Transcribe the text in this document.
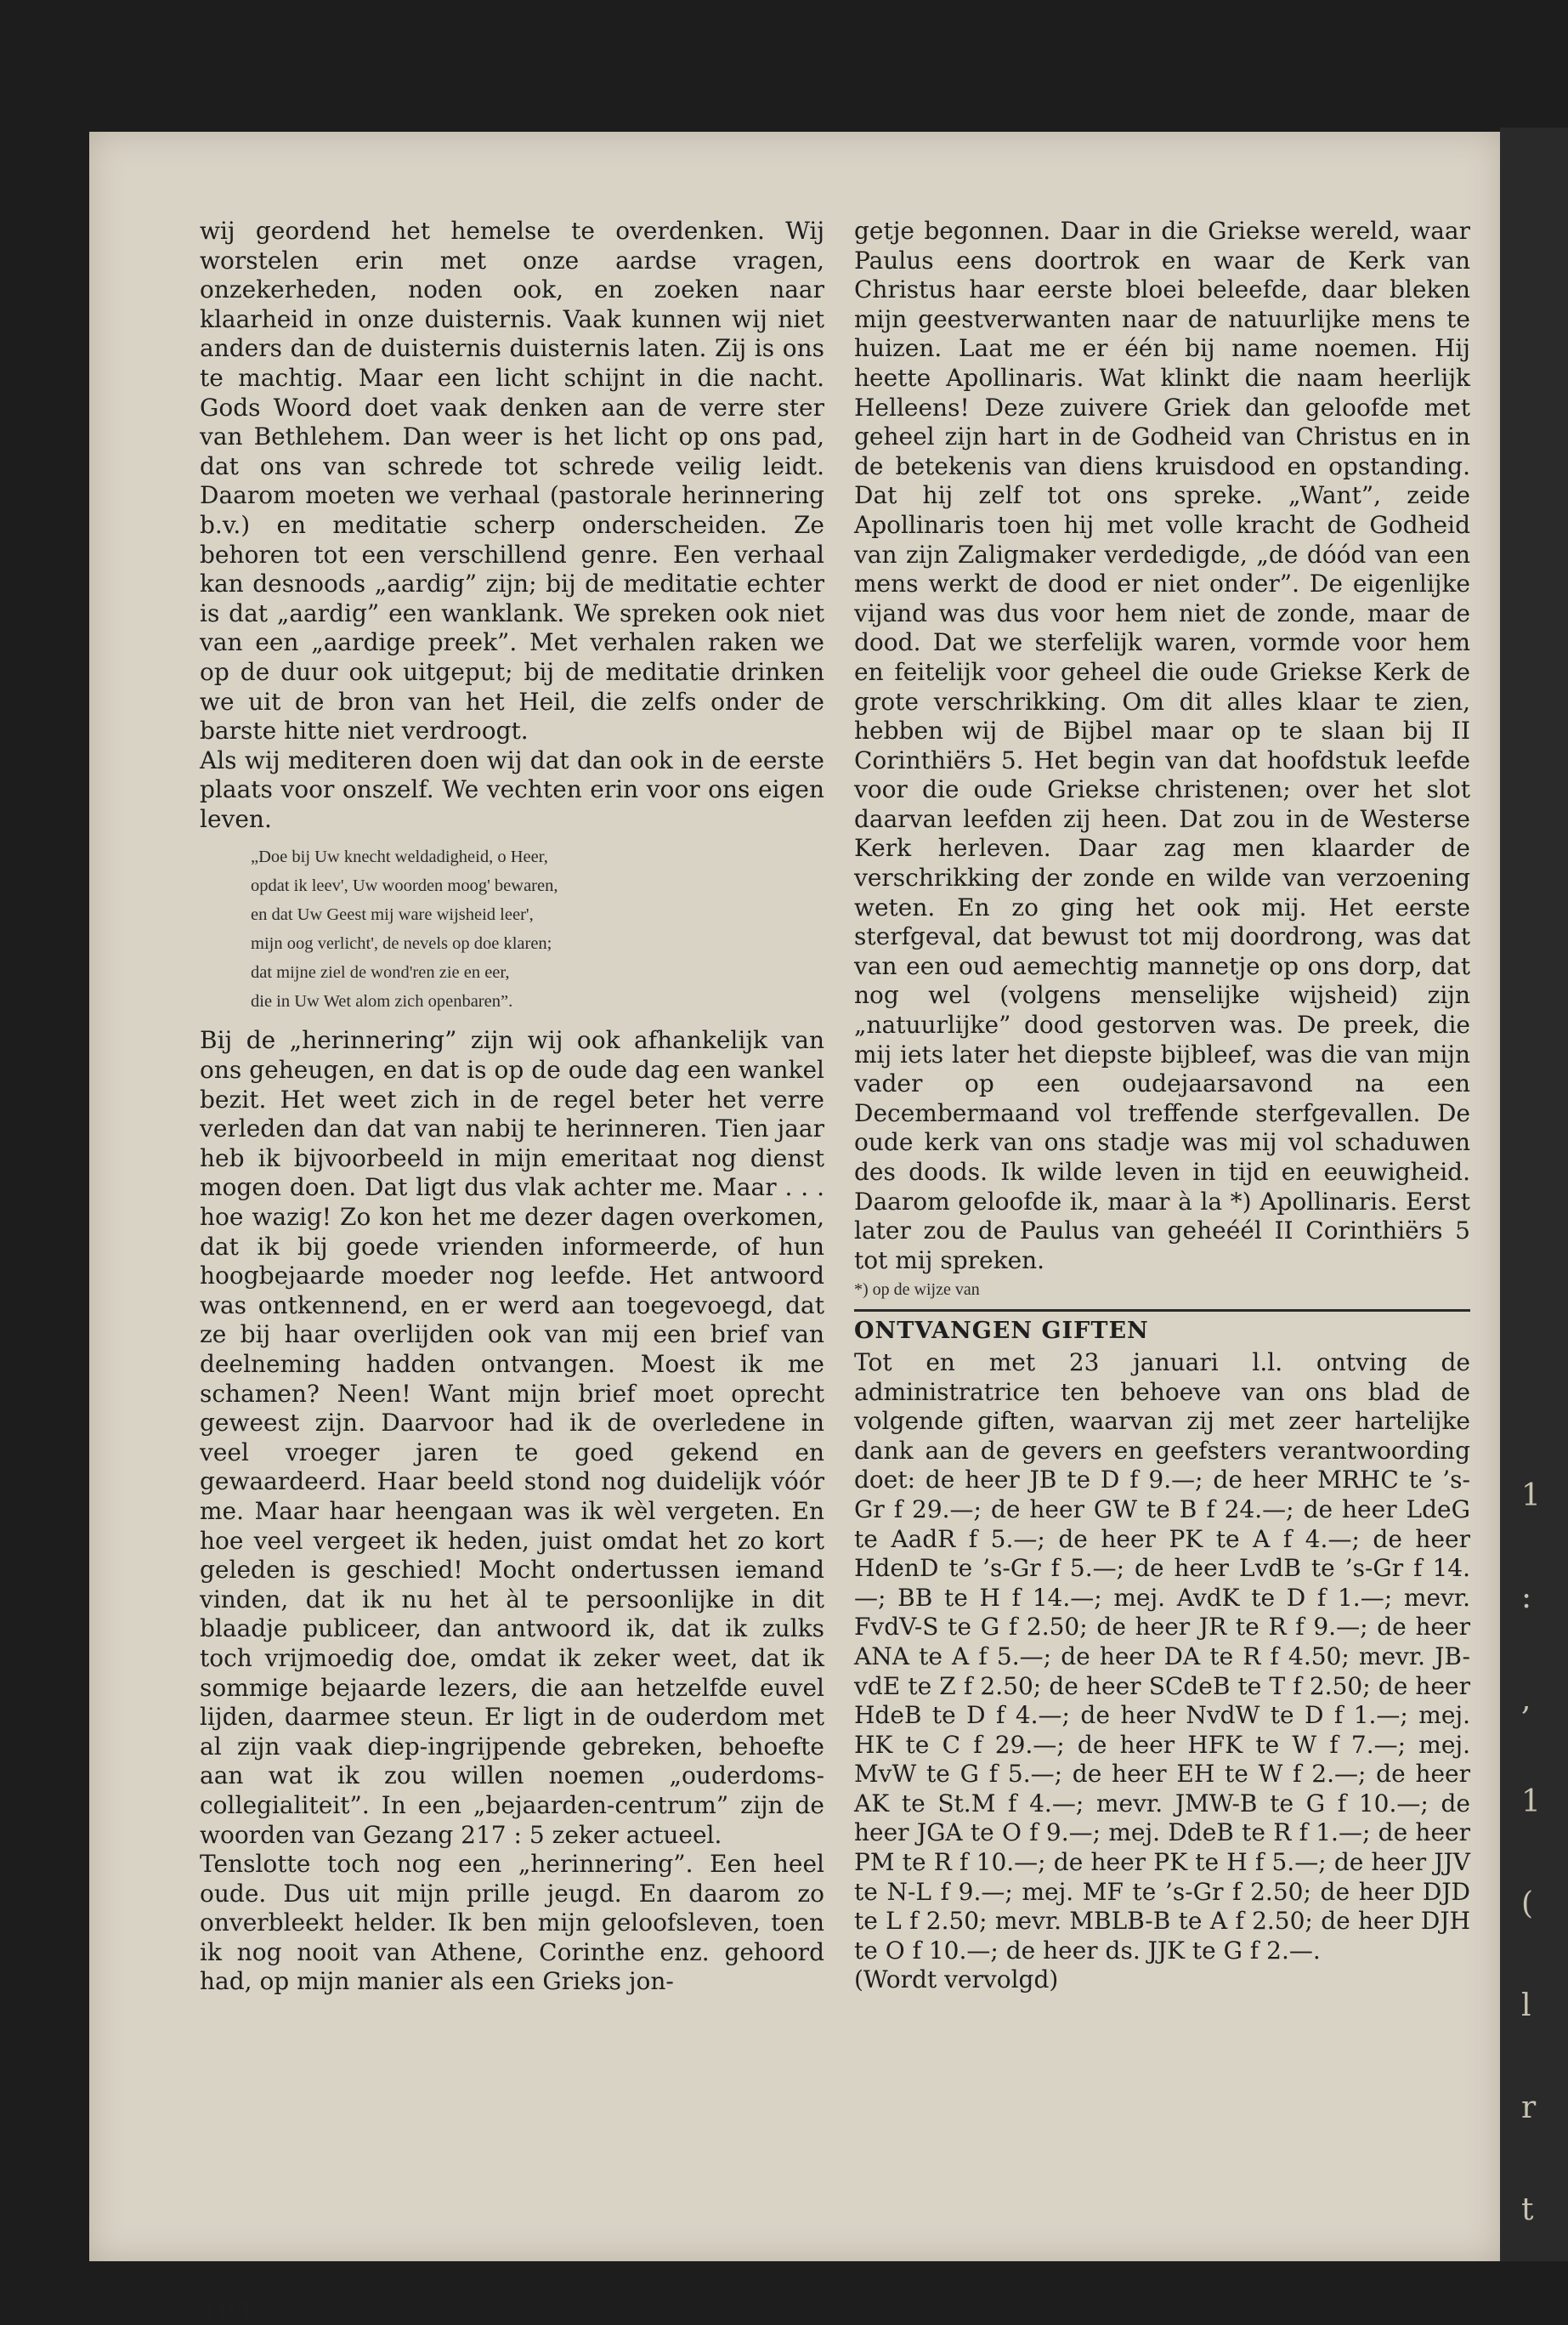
wij geordend het hemelse te overdenken. Wij worstelen erin met onze aardse vragen, onzekerheden, noden ook, en zoeken naar klaarheid in onze duisternis. Vaak kunnen wij niet anders dan de duisternis duisternis laten. Zij is ons te machtig. Maar een licht schijnt in die nacht. Gods Woord doet vaak denken aan de verre ster van Bethlehem. Dan weer is het licht op ons pad, dat ons van schrede tot schrede veilig leidt. Daarom moeten we verhaal (pastorale herinnering b.v.) en meditatie scherp onderscheiden. Ze behoren tot een verschillend genre. Een verhaal kan desnoods „aardig” zijn; bij de meditatie echter is dat „aardig” een wanklank. We spreken ook niet van een „aardige preek”. Met verhalen raken we op de duur ook uitgeput; bij de meditatie drinken we uit de bron van het Heil, die zelfs onder de barste hitte niet verdroogt.

Als wij mediteren doen wij dat dan ook in de eerste plaats voor onszelf. We vechten erin voor ons eigen leven.

„Doe bij Uw knecht weldadigheid, o Heer,
opdat ik leev', Uw woorden moog' bewaren,
en dat Uw Geest mij ware wijsheid leer',
mijn oog verlicht', de nevels op doe klaren;
dat mijne ziel de wond'ren zie en eer,
die in Uw Wet alom zich openbaren”.

Bij de „herinnering” zijn wij ook afhankelijk van ons geheugen, en dat is op de oude dag een wankel bezit. Het weet zich in de regel beter het verre verleden dan dat van nabij te herinneren. Tien jaar heb ik bijvoorbeeld in mijn emeritaat nog dienst mogen doen. Dat ligt dus vlak achter me. Maar . . . hoe wazig! Zo kon het me dezer dagen overkomen, dat ik bij goede vrienden informeerde, of hun hoogbejaarde moeder nog leefde. Het antwoord was ontkennend, en er werd aan toegevoegd, dat ze bij haar overlijden ook van mij een brief van deelneming hadden ontvangen. Moest ik me schamen? Neen! Want mijn brief moet oprecht geweest zijn. Daarvoor had ik de overledene in veel vroeger jaren te goed gekend en gewaardeerd. Haar beeld stond nog duidelijk vóór me. Maar haar heengaan was ik wèl vergeten. En hoe veel vergeet ik heden, juist omdat het zo kort geleden is geschied! Mocht ondertussen iemand vinden, dat ik nu het àl te persoonlijke in dit blaadje publiceer, dan antwoord ik, dat ik zulks toch vrijmoedig doe, omdat ik zeker weet, dat ik sommige bejaarde lezers, die aan hetzelfde euvel lijden, daarmee steun. Er ligt in de ouderdom met al zijn vaak diep-ingrijpende gebreken, behoefte aan wat ik zou willen noemen „ouderdoms-collegialiteit”. In een „bejaarden-centrum” zijn de woorden van Gezang 217 : 5 zeker actueel.

Tenslotte toch nog een „herinnering”. Een heel oude. Dus uit mijn prille jeugd. En daarom zo onverbleekt helder. Ik ben mijn geloofsleven, toen ik nog nooit van Athene, Corinthe enz. gehoord had, op mijn manier als een Grieks jon-

getje begonnen. Daar in die Griekse wereld, waar Paulus eens doortrok en waar de Kerk van Christus haar eerste bloei beleefde, daar bleken mijn geestverwanten naar de natuurlijke mens te huizen. Laat me er één bij name noemen. Hij heette Apollinaris. Wat klinkt die naam heerlijk Helleens! Deze zuivere Griek dan geloofde met geheel zijn hart in de Godheid van Christus en in de betekenis van diens kruisdood en opstanding. Dat hij zelf tot ons spreke. „Want”, zeide Apollinaris toen hij met volle kracht de Godheid van zijn Zaligmaker verdedigde, „de dóód van een mens werkt de dood er niet onder”. De eigenlijke vijand was dus voor hem niet de zonde, maar de dood. Dat we sterfelijk waren, vormde voor hem en feitelijk voor geheel die oude Griekse Kerk de grote verschrikking. Om dit alles klaar te zien, hebben wij de Bijbel maar op te slaan bij II Corinthiërs 5. Het begin van dat hoofdstuk leefde voor die oude Griekse christenen; over het slot daarvan leefden zij heen. Dat zou in de Westerse Kerk herleven. Daar zag men klaarder de verschrikking der zonde en wilde van verzoening weten. En zo ging het ook mij. Het eerste sterfgeval, dat bewust tot mij doordrong, was dat van een oud aemechtig mannetje op ons dorp, dat nog wel (volgens menselijke wijsheid) zijn „natuurlijke” dood gestorven was. De preek, die mij iets later het diepste bijbleef, was die van mijn vader op een oudejaarsavond na een Decembermaand vol treffende sterfgevallen. De oude kerk van ons stadje was mij vol schaduwen des doods. Ik wilde leven in tijd en eeuwigheid. Daarom geloofde ik, maar à la *) Apollinaris. Eerst later zou de Paulus van geheéél II Corinthiërs 5 tot mij spreken.

*) op de wijze van
ONTVANGEN GIFTEN

Tot en met 23 januari l.l. ontving de administratrice ten behoeve van ons blad de volgende giften, waarvan zij met zeer hartelijke dank aan de gevers en geefsters verantwoording doet: de heer JB te D f 9.—; de heer MRHC te ’s-Gr f 29.—; de heer GW te B f 24.—; de heer LdeG te AadR f 5.—; de heer PK te A f 4.—; de heer HdenD te ’s-Gr f 5.—; de heer LvdB te ’s-Gr f 14.—; BB te H f 14.—; mej. AvdK te D f 1.—; mevr. FvdV-S te G f 2.50; de heer JR te R f 9.—; de heer ANA te A f 5.—; de heer DA te R f 4.50; mevr. JB-vdE te Z f 2.50; de heer SCdeB te T f 2.50; de heer HdeB te D f 4.—; de heer NvdW te D f 1.—; mej. HK te C f 29.—; de heer HFK te W f 7.—; mej. MvW te G f 5.—; de heer EH te W f 2.—; de heer AK te St.M f 4.—; mevr. JMW-B te G f 10.—; de heer JGA te O f 9.—; mej. DdeB te R f 1.—; de heer PM te R f 10.—; de heer PK te H f 5.—; de heer JJV te N-L f 9.—; mej. MF te ’s-Gr f 2.50; de heer DJD te L f 2.50; mevr. MBLB-B te A f 2.50; de heer DJH te O f 10.—; de heer ds. JJK te G f 2.—.

(Wordt vervolgd)

104
1
:
,
1
(
l
r
t
